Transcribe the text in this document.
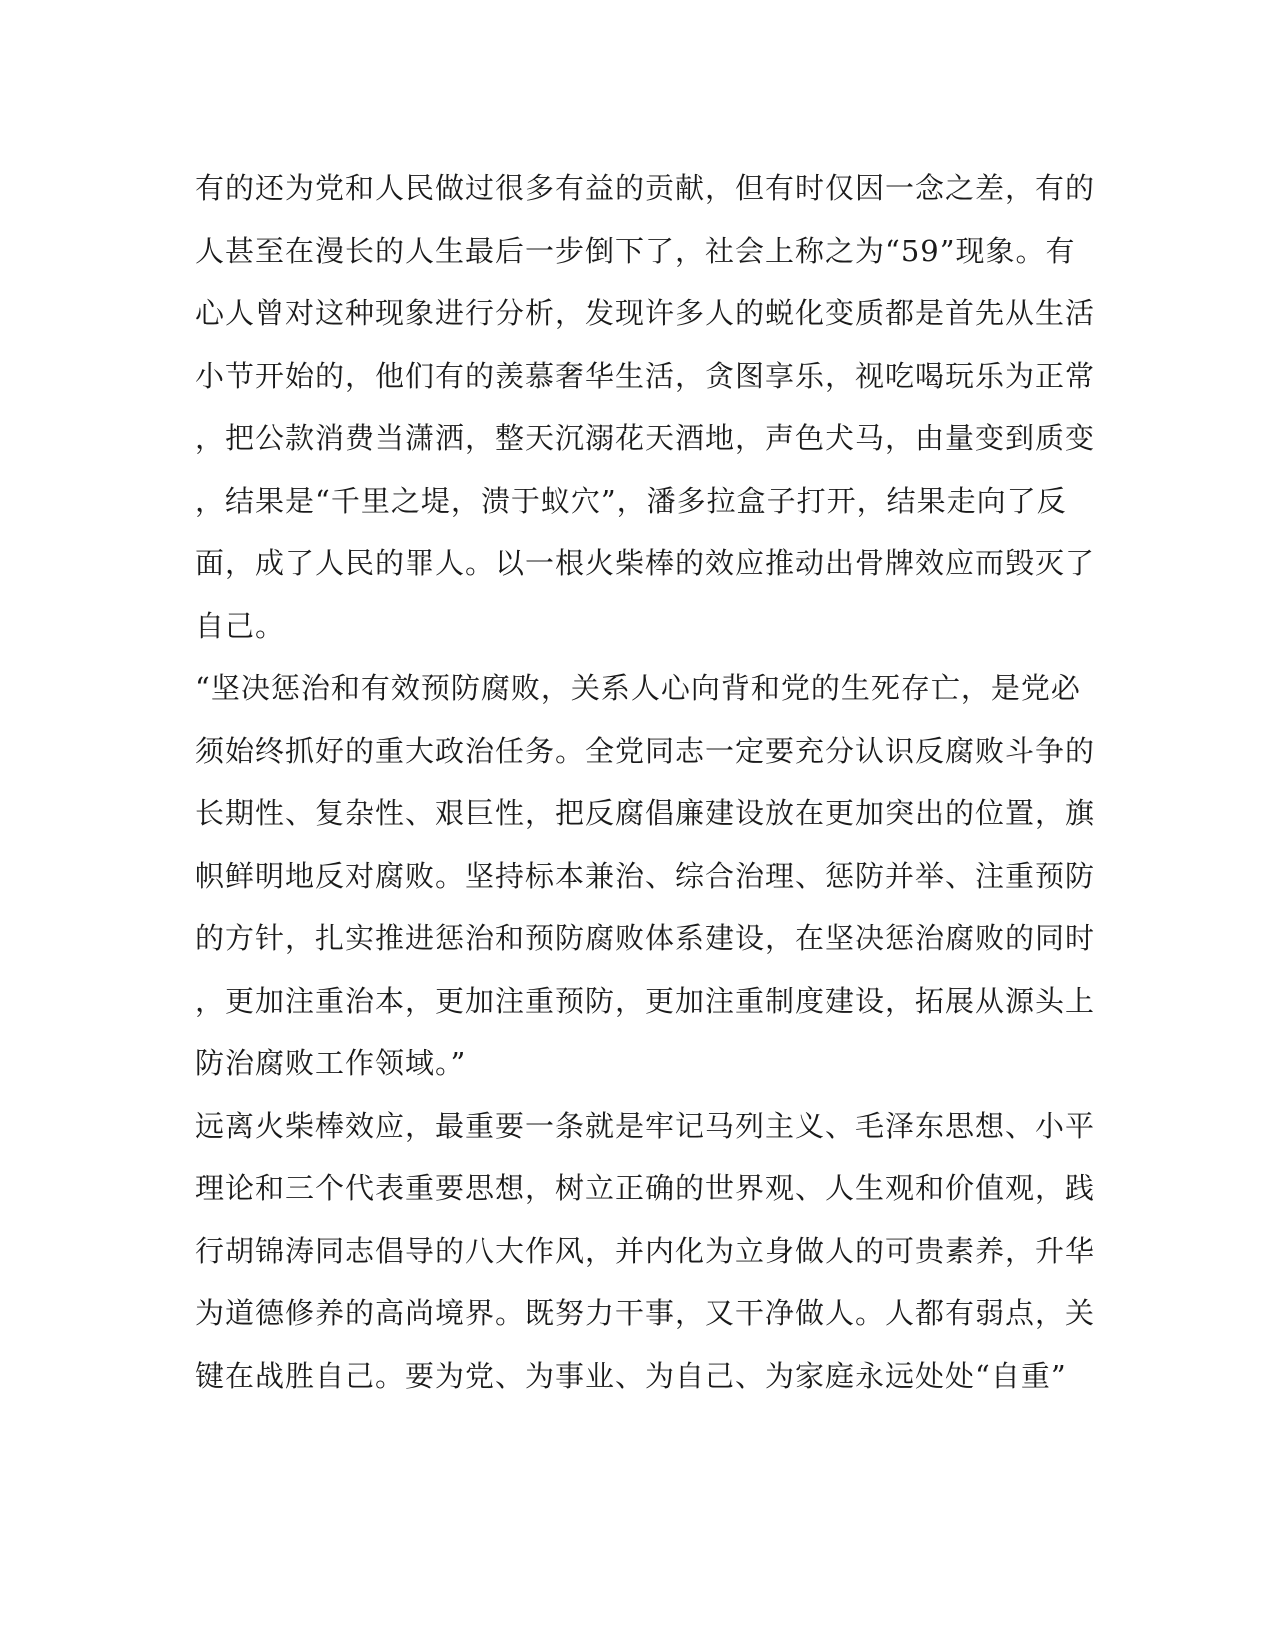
有的还为党和人民做过很多有益的贡献，但有时仅因一念之差，有的

人甚至在漫长的人生最后一步倒下了，社会上称之为“59”现象。有

心人曾对这种现象进行分析，发现许多人的蜕化变质都是首先从生活

小节开始的，他们有的羡慕奢华生活，贪图享乐，视吃喝玩乐为正常

，把公款消费当潇洒，整天沉溺花天酒地，声色犬马，由量变到质变

，结果是“千里之堤，溃于蚁穴”，潘多拉盒子打开，结果走向了反

面，成了人民的罪人。以一根火柴棒的效应推动出骨牌效应而毁灭了

自己。

“坚决惩治和有效预防腐败，关系人心向背和党的生死存亡，是党必

须始终抓好的重大政治任务。全党同志一定要充分认识反腐败斗争的

长期性、复杂性、艰巨性，把反腐倡廉建设放在更加突出的位置，旗

帜鲜明地反对腐败。坚持标本兼治、综合治理、惩防并举、注重预防

的方针，扎实推进惩治和预防腐败体系建设，在坚决惩治腐败的同时

，更加注重治本，更加注重预防，更加注重制度建设，拓展从源头上

防治腐败工作领域。”

远离火柴棒效应，最重要一条就是牢记马列主义、毛泽东思想、小平

理论和三个代表重要思想，树立正确的世界观、人生观和价值观，践

行胡锦涛同志倡导的八大作风，并内化为立身做人的可贵素养，升华

为道德修养的高尚境界。既努力干事，又干净做人。人都有弱点，关

键在战胜自己。要为党、为事业、为自己、为家庭永远处处“自重”
